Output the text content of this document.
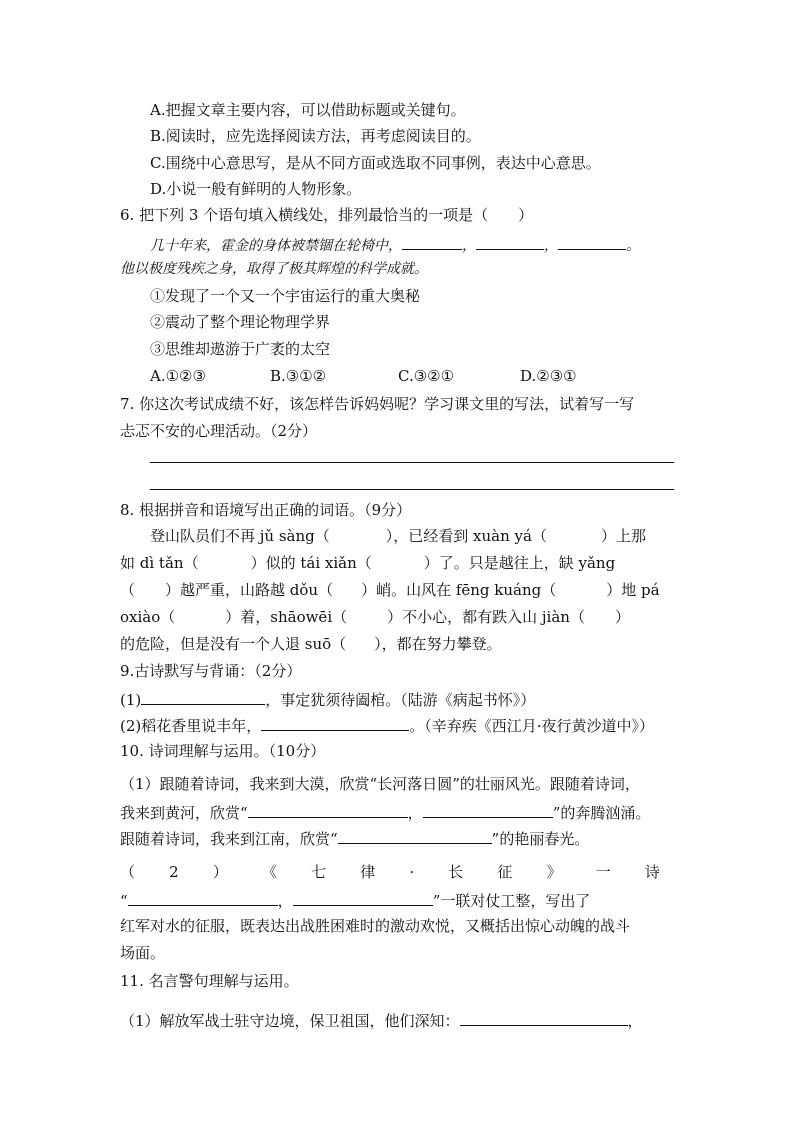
A.把握文章主要内容，可以借助标题或关键句。
B.阅读时，应先选择阅读方法，再考虑阅读目的。
C.围绕中心意思写，是从不同方面或选取不同事例，表达中心意思。
D.小说一般有鲜明的人物形象。
6. 把下列 3 个语句填入横线处，排列最恰当的一项是（　　）
几十年来，霍金的身体被禁锢在轮椅中，	，	，	。
他以极度残疾之身，取得了极其辉煌的科学成就。
①发现了一个又一个宇宙运行的重大奥秘
②震动了整个理论物理学界
③思维却遨游于广袤的太空
A.①②③	B.③①②	C.③②①	D.②③①
7. 你这次考试成绩不好，该怎样告诉妈妈呢？学习课文里的写法，试着写一写
忐忑不安的心理活动。（2分）
8. 根据拼音和语境写出正确的词语。（9分）
登山队员们不再 jǔ sàng（	），已经看到 xuàn yá（	）上那
如 dì tǎn（	）似的 tái xiǎn（	）了。只是越往上，缺 yǎng
（ ）越严重，山路越 dǒu（ ）峭。山风在 fēng kuáng（	）地 pá
oxiào（	）着，shāowēi（	）不小心，都有跌入山 jiàn（ ）
的危险，但是没有一个人退 suō（ ），都在努力攀登。
9.古诗默写与背诵：（2分）
(1)	，事定犹须待阖棺。（陆游《病起书怀》）
(2)稻花香里说丰年，	。（辛弃疾《西江月·夜行黄沙道中》）
10. 诗词理解与运用。（10分）
（1）跟随着诗词，我来到大漠，欣赏“长河落日圆”的壮丽风光。跟随着诗词，
我来到黄河，欣赏“	，	”的奔腾汹涌。
跟随着诗词，我来到江南，欣赏“	”的艳丽春光。
（ 2 ） 《 七 律 · 长 征 》 一 诗
“	，	”一联对仗工整，写出了
红军对水的征服，既表达出战胜困难时的激动欢悦，又概括出惊心动魄的战斗
场面。
11. 名言警句理解与运用。
（1）解放军战士驻守边境，保卫祖国，他们深知：	，
